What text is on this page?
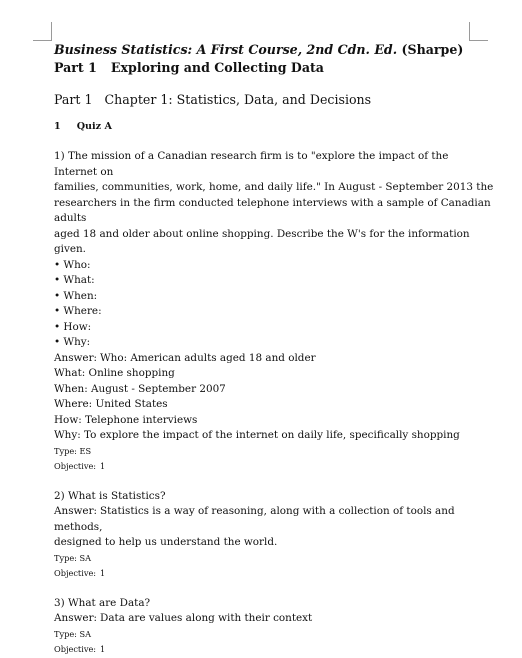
Business Statistics: A First Course, 2nd Cdn. Ed. (Sharpe)
Part 1 Exploring and Collecting Data
Part 1 Chapter 1: Statistics, Data, and Decisions
1 Quiz A

1) The mission of a Canadian research firm is to "explore the impact of the Internet on

families, communities, work, home, and daily life." In August - September 2013 the

researchers in the firm conducted telephone interviews with a sample of Canadian adults

aged 18 and older about online shopping. Describe the W's for the information given.

• Who:

• What:

• When:

• Where:

• How:

• Why:

Answer: Who: American adults aged 18 and older

What: Online shopping

When: August - September 2007

Where: United States

How: Telephone interviews

Why: To explore the impact of the internet on daily life, specifically shopping

Type: ES

Objective: 1

2) What is Statistics?

Answer: Statistics is a way of reasoning, along with a collection of tools and methods,

designed to help us understand the world.

Type: SA

Objective: 1

3) What are Data?

Answer: Data are values along with their context

Type: SA

Objective: 1
